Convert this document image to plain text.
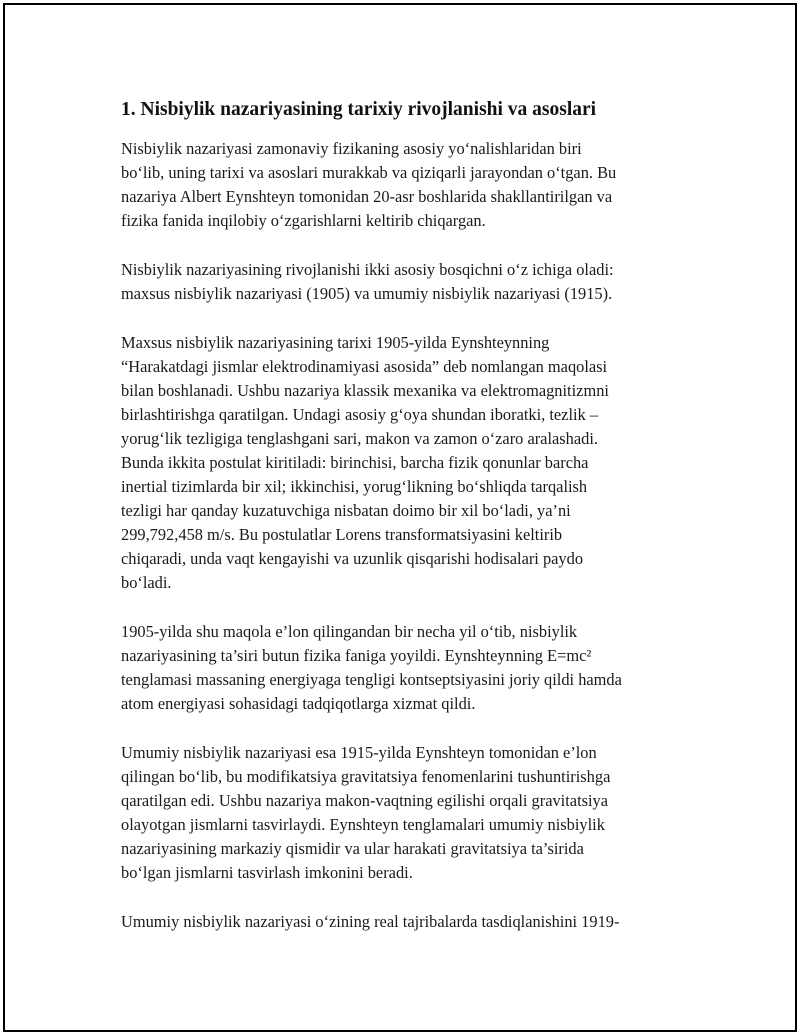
1. Nisbiylik nazariyasining tarixiy rivojlanishi va asoslari

Nisbiylik nazariyasi zamonaviy fizikaning asosiy yo‘nalishlaridan biri
bo‘lib, uning tarixi va asoslari murakkab va qiziqarli jarayondan o‘tgan. Bu
nazariya Albert Eynshteyn tomonidan 20-asr boshlarida shakllantirilgan va
fizika fanida inqilobiy o‘zgarishlarni keltirib chiqargan.

Nisbiylik nazariyasining rivojlanishi ikki asosiy bosqichni o‘z ichiga oladi:
maxsus nisbiylik nazariyasi (1905) va umumiy nisbiylik nazariyasi (1915).

Maxsus nisbiylik nazariyasining tarixi 1905-yilda Eynshteynning
“Harakatdagi jismlar elektrodinamiyasi asosida” deb nomlangan maqolasi
bilan boshlanadi. Ushbu nazariya klassik mexanika va elektromagnitizmni
birlashtirishga qaratilgan. Undagi asosiy g‘oya shundan iboratki, tezlik –
yorug‘lik tezligiga tenglashgani sari, makon va zamon o‘zaro aralashadi.
Bunda ikkita postulat kiritiladi: birinchisi, barcha fizik qonunlar barcha
inertial tizimlarda bir xil; ikkinchisi, yorug‘likning bo‘shliqda tarqalish
tezligi har qanday kuzatuvchiga nisbatan doimo bir xil bo‘ladi, ya’ni
299,792,458 m/s. Bu postulatlar Lorens transformatsiyasini keltirib
chiqaradi, unda vaqt kengayishi va uzunlik qisqarishi hodisalari paydo
bo‘ladi.

1905-yilda shu maqola e’lon qilingandan bir necha yil o‘tib, nisbiylik
nazariyasining ta’siri butun fizika faniga yoyildi. Eynshteynning E=mc²
tenglamasi massaning energiyaga tengligi kontseptsiyasini joriy qildi hamda
atom energiyasi sohasidagi tadqiqotlarga xizmat qildi.

Umumiy nisbiylik nazariyasi esa 1915-yilda Eynshteyn tomonidan e’lon
qilingan bo‘lib, bu modifikatsiya gravitatsiya fenomenlarini tushuntirishga
qaratilgan edi. Ushbu nazariya makon-vaqtning egilishi orqali gravitatsiya
olayotgan jismlarni tasvirlaydi. Eynshteyn tenglamalari umumiy nisbiylik
nazariyasining markaziy qismidir va ular harakati gravitatsiya ta’sirida
bo‘lgan jismlarni tasvirlash imkonini beradi.

Umumiy nisbiylik nazariyasi o‘zining real tajribalarda tasdiqlanishini 1919-
